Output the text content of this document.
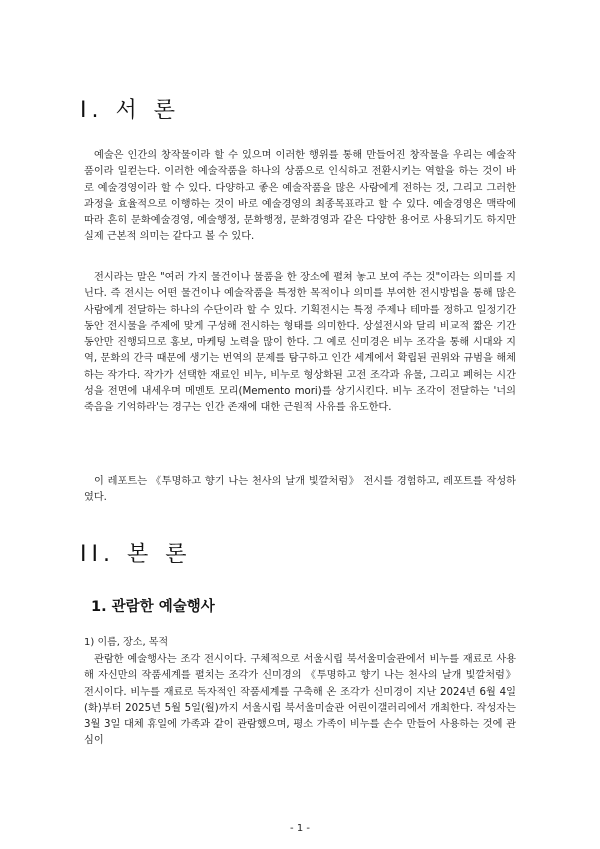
I. 서 론

예술은 인간의 창작물이라 할 수 있으며 이러한 행위를 통해 만들어진 창작물을 우리는 예술작품이라 일컫는다. 이러한 예술작품을 하나의 상품으로 인식하고 전환시키는 역할을 하는 것이 바로 예술경영이라 할 수 있다. 다양하고 좋은 예술작품을 많은 사람에게 전하는 것, 그리고 그러한 과정을 효율적으로 이행하는 것이 바로 예술경영의 최종목표라고 할 수 있다. 예술경영은 맥락에 따라 흔히 문화예술경영, 예술행정, 문화행정, 문화경영과 같은 다양한 용어로 사용되기도 하지만 실제 근본적 의미는 같다고 볼 수 있다.

전시라는 말은 "여러 가지 물건이나 물품을 한 장소에 펼쳐 놓고 보여 주는 것"이라는 의미를 지닌다. 즉 전시는 어떤 물건이나 예술작품을 특정한 목적이나 의미를 부여한 전시방법을 통해 많은 사람에게 전달하는 하나의 수단이라 할 수 있다. 기획전시는 특정 주제나 테마를 정하고 일정기간 동안 전시물을 주제에 맞게 구성해 전시하는 형태를 의미한다. 상설전시와 달리 비교적 짧은 기간 동안만 진행되므로 홍보, 마케팅 노력을 많이 한다. 그 예로 신미경은 비누 조각을 통해 시대와 지역, 문화의 간극 때문에 생기는 번역의 문제를 탐구하고 인간 세계에서 확립된 권위와 규범을 해체하는 작가다. 작가가 선택한 재료인 비누, 비누로 형상화된 고전 조각과 유물, 그리고 폐허는 시간성을 전면에 내세우며 메멘토 모리(Memento mori)를 상기시킨다. 비누 조각이 전달하는 '너의 죽음을 기억하라'는 경구는 인간 존재에 대한 근원적 사유를 유도한다.

이 레포트는 《투명하고 향기 나는 천사의 날개 빛깔처럼》 전시를 경험하고, 레포트를 작성하였다.

II. 본 론
1. 관람한 예술행사

1) 이름, 장소, 목적

관람한 예술행사는 조각 전시이다. 구체적으로 서울시립 북서울미술관에서 비누를 재료로 사용해 자신만의 작품세계를 펼치는 조각가 신미경의 《투명하고 향기 나는 천사의 날개 빛깔처럼》 전시이다. 비누를 재료로 독자적인 작품세계를 구축해 온 조각가 신미경이 지난 2024년 6월 4일(화)부터 2025년 5월 5일(월)까지 서울시립 북서울미술관 어린이갤러리에서 개최한다. 작성자는 3월 3일 대체 휴일에 가족과 같이 관람했으며, 평소 가족이 비누를 손수 만들어 사용하는 것에 관심이

- 1 -
